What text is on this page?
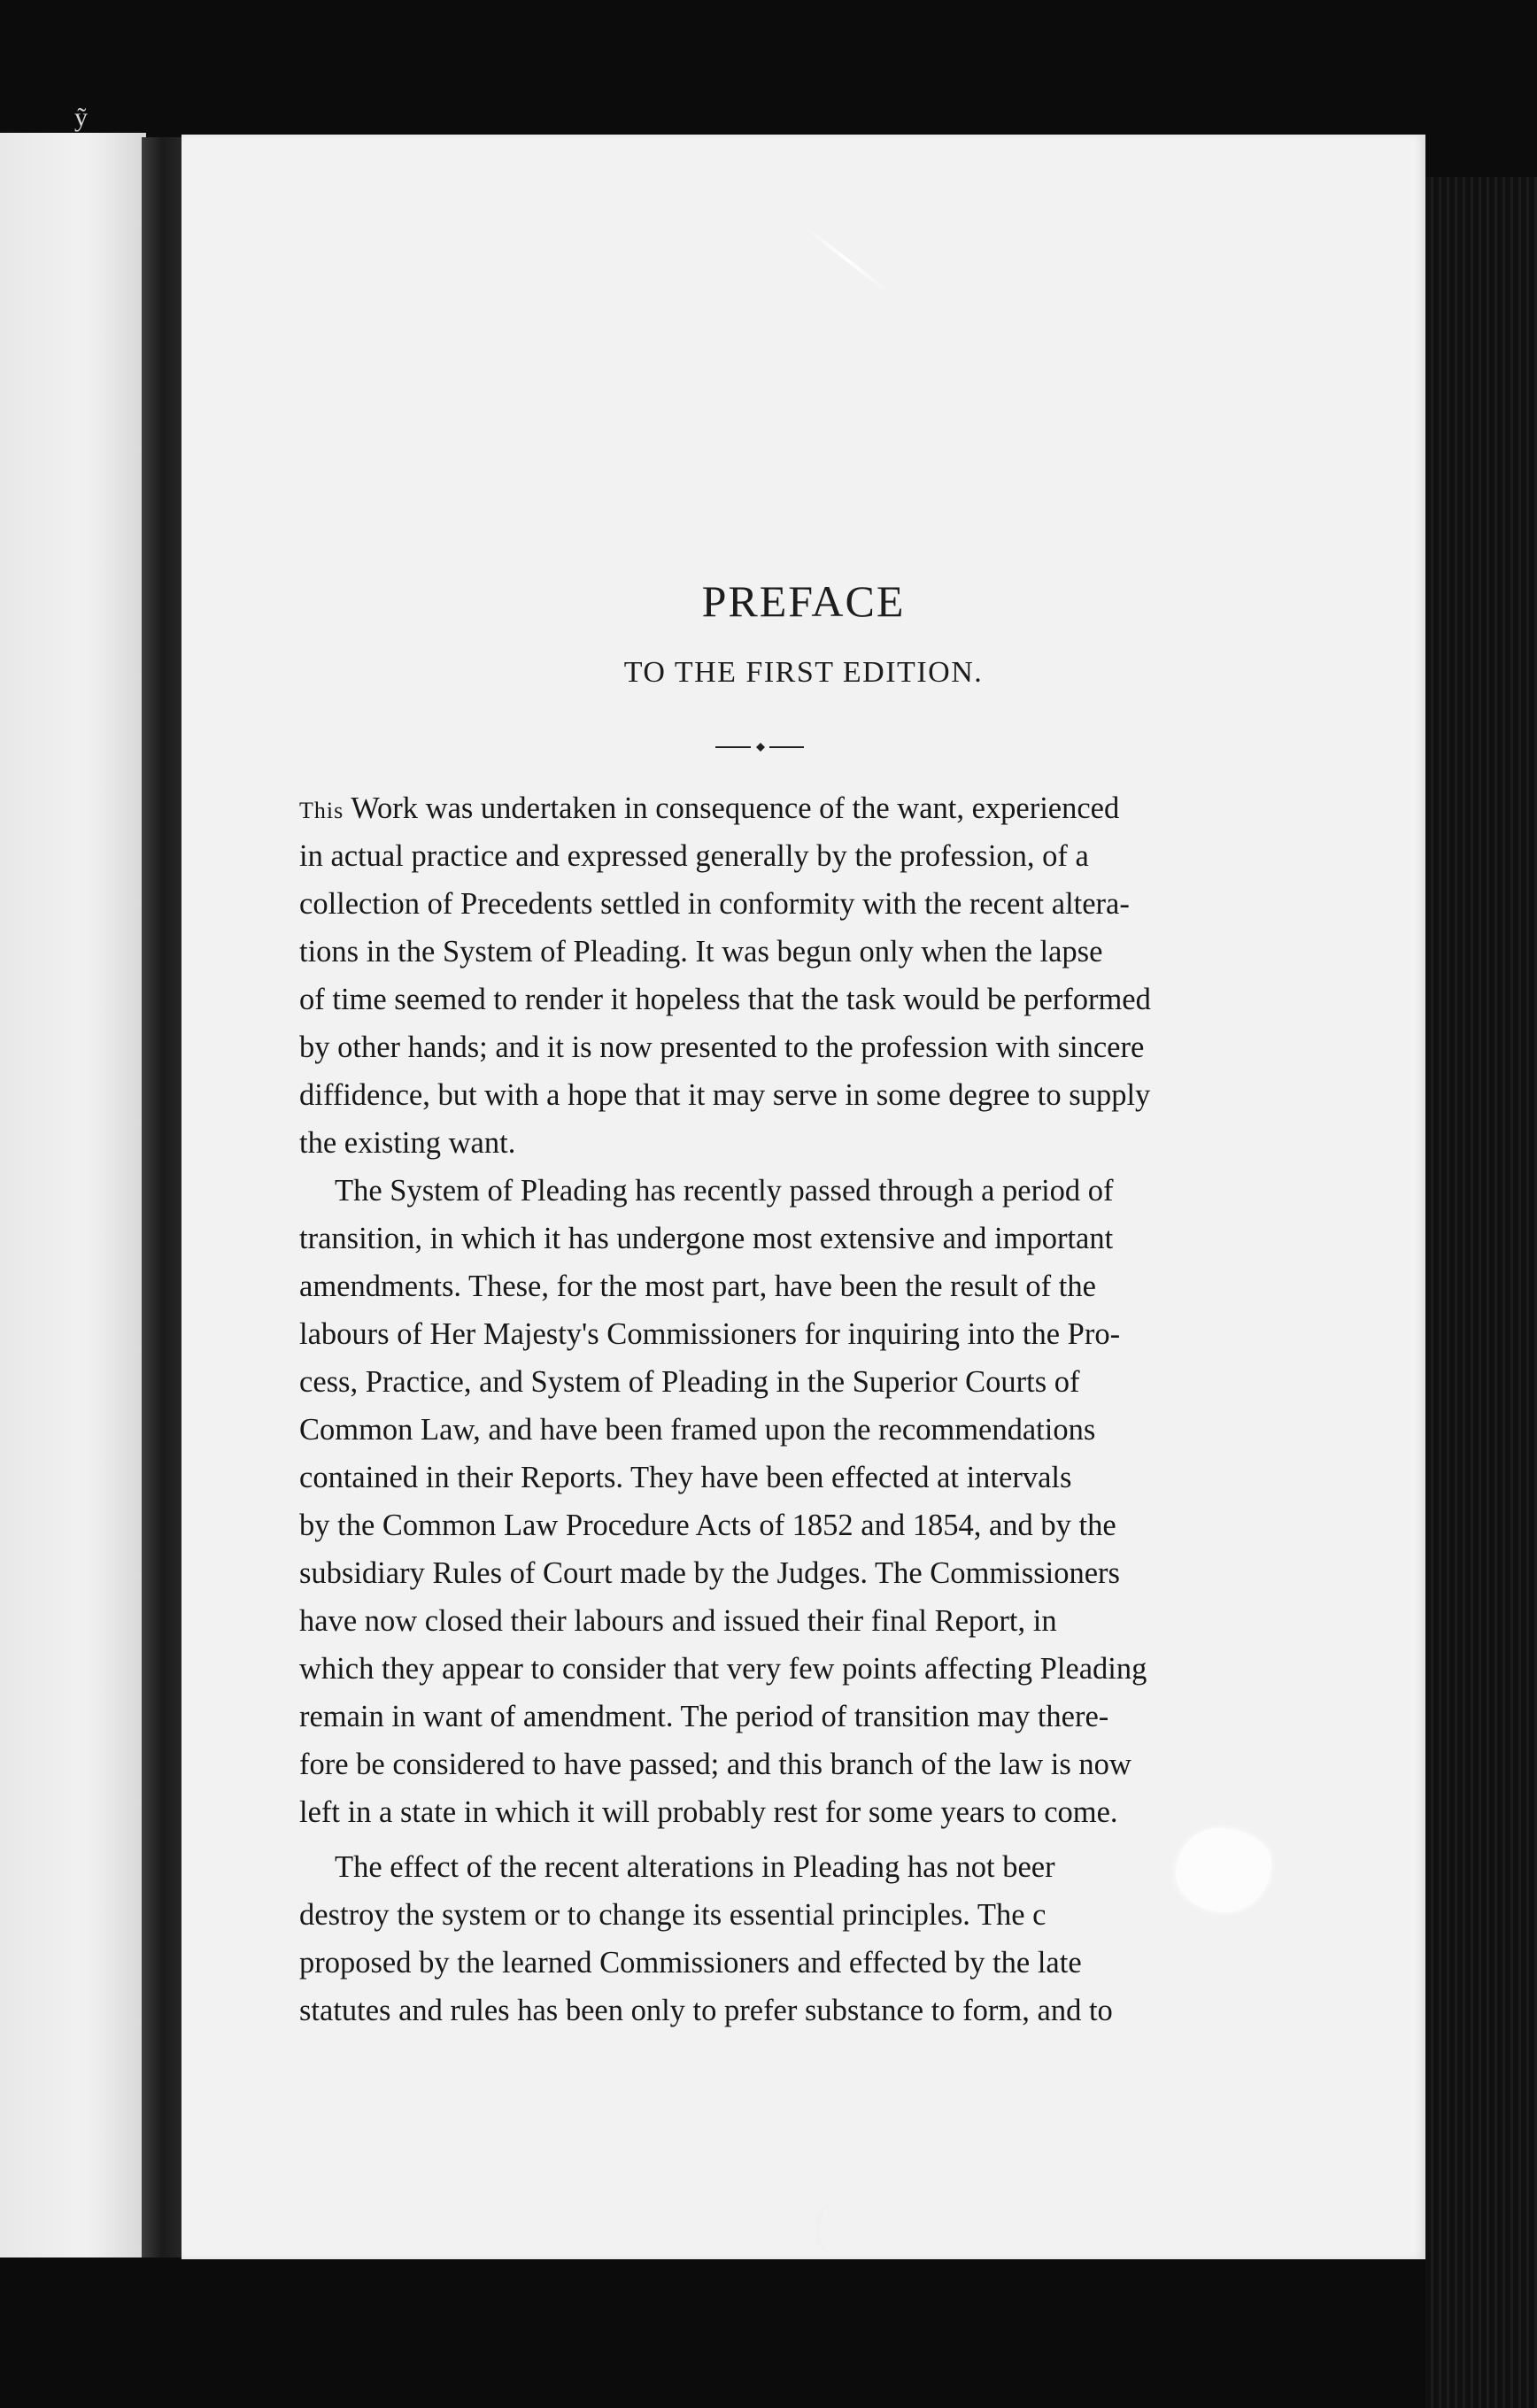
ỹ
PREFACE
TO THE FIRST EDITION.
This Work was undertaken in consequence of the want, experienced
in actual practice and expressed generally by the profession, of a
collection of Precedents settled in conformity with the recent altera-
tions in the System of Pleading. It was begun only when the lapse
of time seemed to render it hopeless that the task would be performed
by other hands; and it is now presented to the profession with sincere
diffidence, but with a hope that it may serve in some degree to supply
the existing want.
The System of Pleading has recently passed through a period of
transition, in which it has undergone most extensive and important
amendments. These, for the most part, have been the result of the
labours of Her Majesty's Commissioners for inquiring into the Pro-
cess, Practice, and System of Pleading in the Superior Courts of
Common Law, and have been framed upon the recommendations
contained in their Reports. They have been effected at intervals
by the Common Law Procedure Acts of 1852 and 1854, and by the
subsidiary Rules of Court made by the Judges. The Commissioners
have now closed their labours and issued their final Report, in
which they appear to consider that very few points affecting Pleading
remain in want of amendment. The period of transition may there-
fore be considered to have passed; and this branch of the law is now
left in a state in which it will probably rest for some years to come.
The effect of the recent alterations in Pleading has not beer
destroy the system or to change its essential principles. The c
proposed by the learned Commissioners and effected by the late
statutes and rules has been only to prefer substance to form, and to
(
